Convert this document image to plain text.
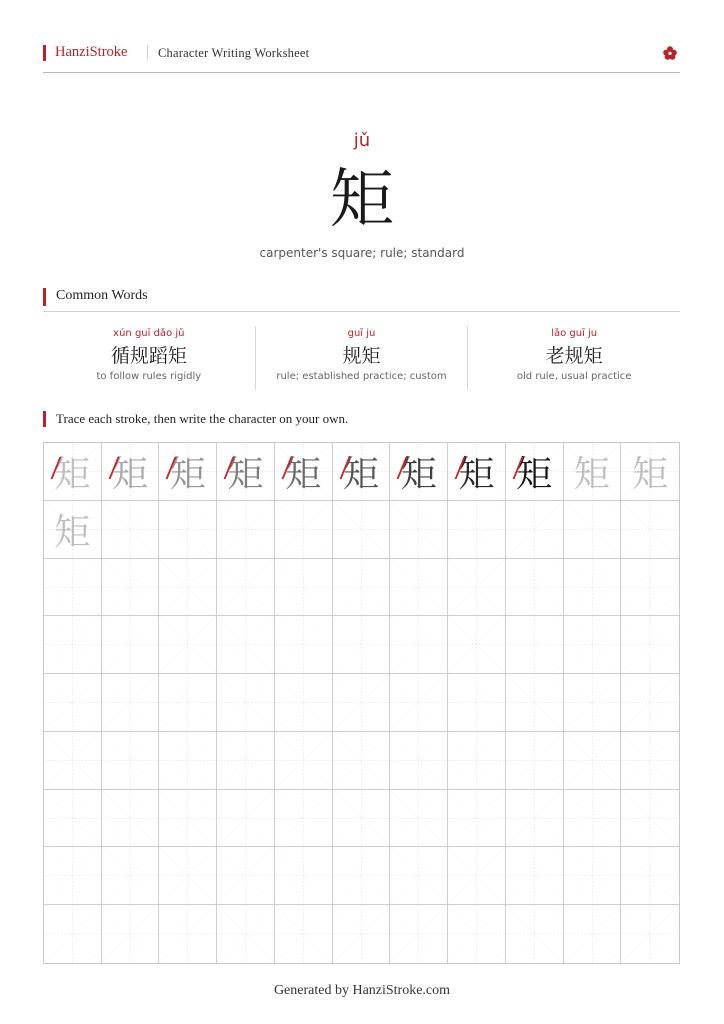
HanziStroke Character Writing Worksheet
jǔ
矩
carpenter's square; rule; standard
Common Words
xún guī dǎo jǔ
循规蹈矩
to follow rules rigidly
guī ju
规矩
rule; established practice; custom
lǎo guī ju
老规矩
old rule, usual practice
Trace each stroke, then write the character on your own.
矩 矩 矩 矩 矩 矩 矩 矩 矩 矩 矩
矩
Generated by HanziStroke.com
